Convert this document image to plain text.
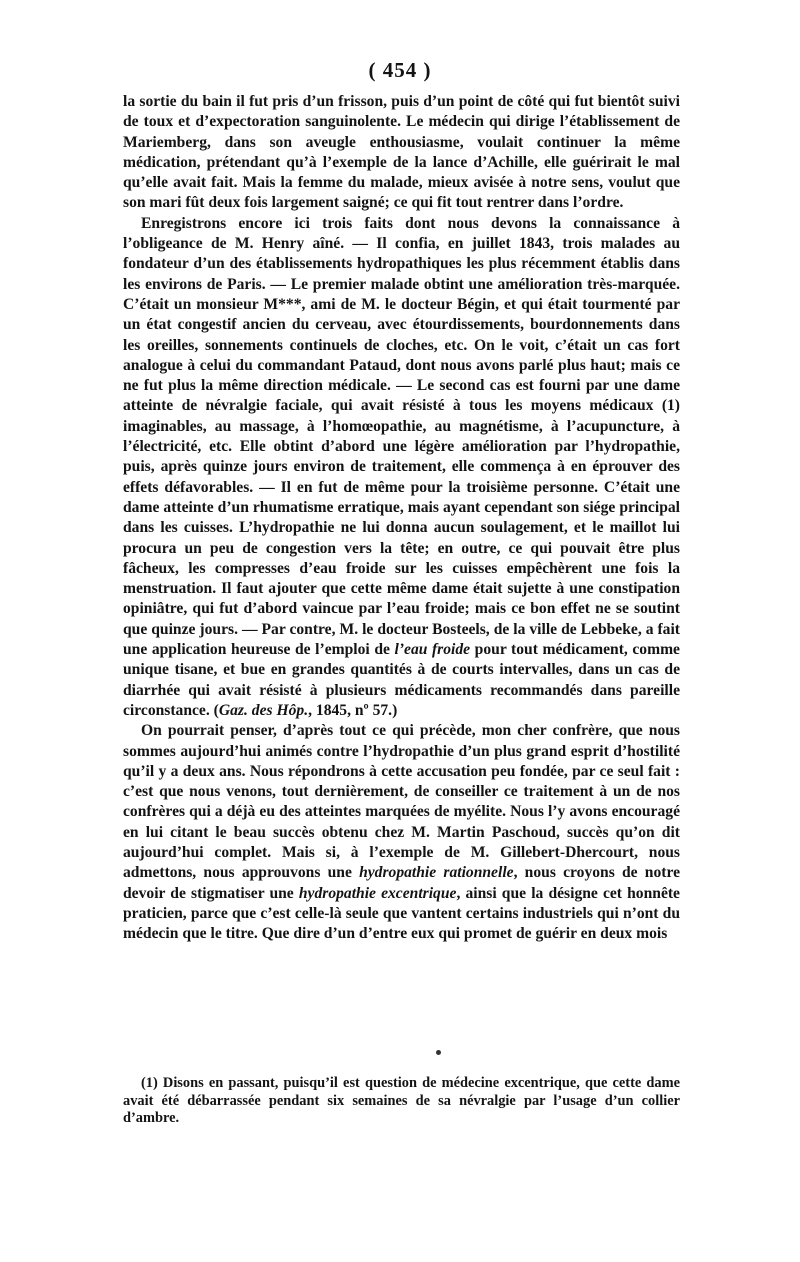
( 454 )

la sortie du bain il fut pris d’un frisson, puis d’un point de côté qui fut bientôt suivi de toux et d’expectoration sanguinolente. Le médecin qui dirige l’établissement de Mariemberg, dans son aveugle enthousiasme, voulait continuer la même médication, prétendant qu’à l’exemple de la lance d’Achille, elle guérirait le mal qu’elle avait fait. Mais la femme du malade, mieux avisée à notre sens, voulut que son mari fût deux fois largement saigné; ce qui fit tout rentrer dans l’ordre.

Enregistrons encore ici trois faits dont nous devons la connaissance à l’obligeance de M. Henry aîné. — Il confia, en juillet 1843, trois malades au fondateur d’un des établissements hydropathiques les plus récemment établis dans les environs de Paris. — Le premier malade obtint une amélioration très-marquée. C’était un monsieur M***, ami de M. le docteur Bégin, et qui était tourmenté par un état congestif ancien du cerveau, avec étourdissements, bourdonnements dans les oreilles, sonnements continuels de cloches, etc. On le voit, c’était un cas fort analogue à celui du commandant Pataud, dont nous avons parlé plus haut; mais ce ne fut plus la même direction médicale. — Le second cas est fourni par une dame atteinte de névralgie faciale, qui avait résisté à tous les moyens médicaux (1) imaginables, au massage, à l’homœopathie, au magnétisme, à l’acupuncture, à l’électricité, etc. Elle obtint d’abord une légère amélioration par l’hydropathie, puis, après quinze jours environ de traitement, elle commença à en éprouver des effets défavorables. — Il en fut de même pour la troisième personne. C’était une dame atteinte d’un rhumatisme erratique, mais ayant cependant son siége principal dans les cuisses. L’hydropathie ne lui donna aucun soulagement, et le maillot lui procura un peu de congestion vers la tête; en outre, ce qui pouvait être plus fâcheux, les compresses d’eau froide sur les cuisses empêchèrent une fois la menstruation. Il faut ajouter que cette même dame était sujette à une constipation opiniâtre, qui fut d’abord vaincue par l’eau froide; mais ce bon effet ne se soutint que quinze jours. — Par contre, M. le docteur Bosteels, de la ville de Lebbeke, a fait une application heureuse de l’emploi de l’eau froide pour tout médicament, comme unique tisane, et bue en grandes quantités à de courts intervalles, dans un cas de diarrhée qui avait résisté à plusieurs médicaments recommandés dans pareille circonstance. (Gaz. des Hôp., 1845, nº 57.)

On pourrait penser, d’après tout ce qui précède, mon cher confrère, que nous sommes aujourd’hui animés contre l’hydropathie d’un plus grand esprit d’hostilité qu’il y a deux ans. Nous répondrons à cette accusation peu fondée, par ce seul fait : c’est que nous venons, tout dernièrement, de conseiller ce traitement à un de nos confrères qui a déjà eu des atteintes marquées de myélite. Nous l’y avons encouragé en lui citant le beau succès obtenu chez M. Martin Paschoud, succès qu’on dit aujourd’hui complet. Mais si, à l’exemple de M. Gillebert-Dhercourt, nous admettons, nous approuvons une hydropathie rationnelle, nous croyons de notre devoir de stigmatiser une hydropathie excentrique, ainsi que la désigne cet honnête praticien, parce que c’est celle-là seule que vantent certains industriels qui n’ont du médecin que le titre. Que dire d’un d’entre eux qui promet de guérir en deux mois

(1) Disons en passant, puisqu’il est question de médecine excentrique, que cette dame avait été débarrassée pendant six semaines de sa névralgie par l’usage d’un collier d’ambre.
